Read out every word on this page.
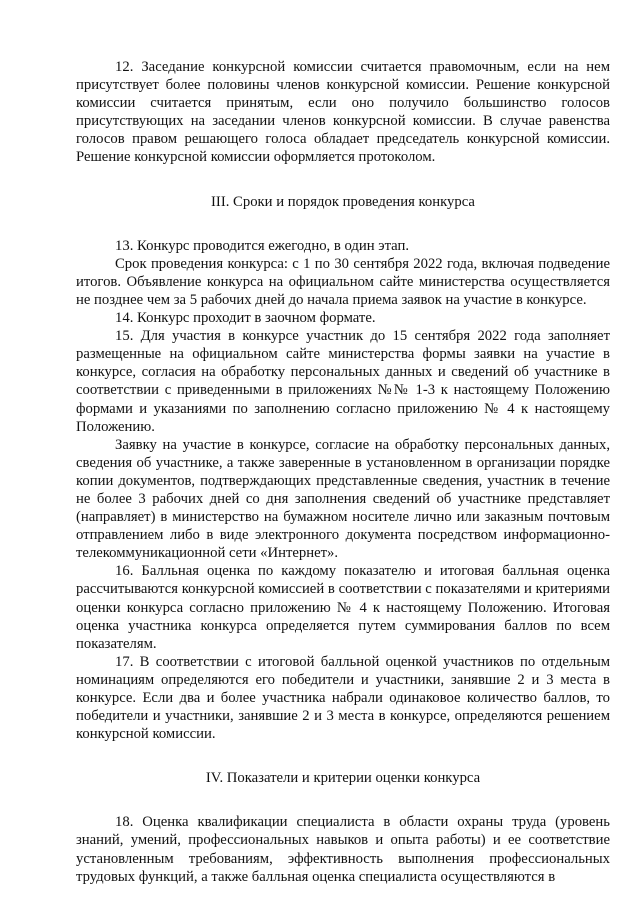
12. Заседание конкурсной комиссии считается правомочным, если на нем присутствует более половины членов конкурсной комиссии. Решение конкурсной комиссии считается принятым, если оно получило большинство голосов присутствующих на заседании членов конкурсной комиссии. В случае равенства голосов правом решающего голоса обладает председатель конкурсной комиссии. Решение конкурсной комиссии оформляется протоколом.

III. Сроки и порядок проведения конкурса

13. Конкурс проводится ежегодно, в один этап.

Срок проведения конкурса: с 1 по 30 сентября 2022 года, включая подведение итогов. Объявление конкурса на официальном сайте министерства осуществляется не позднее чем за 5 рабочих дней до начала приема заявок на участие в конкурсе.

14. Конкурс проходит в заочном формате.

15. Для участия в конкурсе участник до 15 сентября 2022 года заполняет размещенные на официальном сайте министерства формы заявки на участие в конкурсе, согласия на обработку персональных данных и сведений об участнике в соответствии с приведенными в приложениях №№ 1-3 к настоящему Положению формами и указаниями по заполнению согласно приложению № 4 к настоящему Положению.

Заявку на участие в конкурсе, согласие на обработку персональных данных, сведения об участнике, а также заверенные в установленном в организации порядке копии документов, подтверждающих представленные сведения, участник в течение не более 3 рабочих дней со дня заполнения сведений об участнике представляет (направляет) в министерство на бумажном носителе лично или заказным почтовым отправлением либо в виде электронного документа посредством информационно-телекоммуникационной сети «Интернет».

16. Балльная оценка по каждому показателю и итоговая балльная оценка рассчитываются конкурсной комиссией в соответствии с показателями и критериями оценки конкурса согласно приложению № 4 к настоящему Положению. Итоговая оценка участника конкурса определяется путем суммирования баллов по всем показателям.

17. В соответствии с итоговой балльной оценкой участников по отдельным номинациям определяются его победители и участники, занявшие 2 и 3 места в конкурсе. Если два и более участника набрали одинаковое количество баллов, то победители и участники, занявшие 2 и 3 места в конкурсе, определяются решением конкурсной комиссии.

IV. Показатели и критерии оценки конкурса

18. Оценка квалификации специалиста в области охраны труда (уровень знаний, умений, профессиональных навыков и опыта работы) и ее соответствие установленным требованиям, эффективность выполнения профессиональных трудовых функций, а также балльная оценка специалиста осуществляются в
